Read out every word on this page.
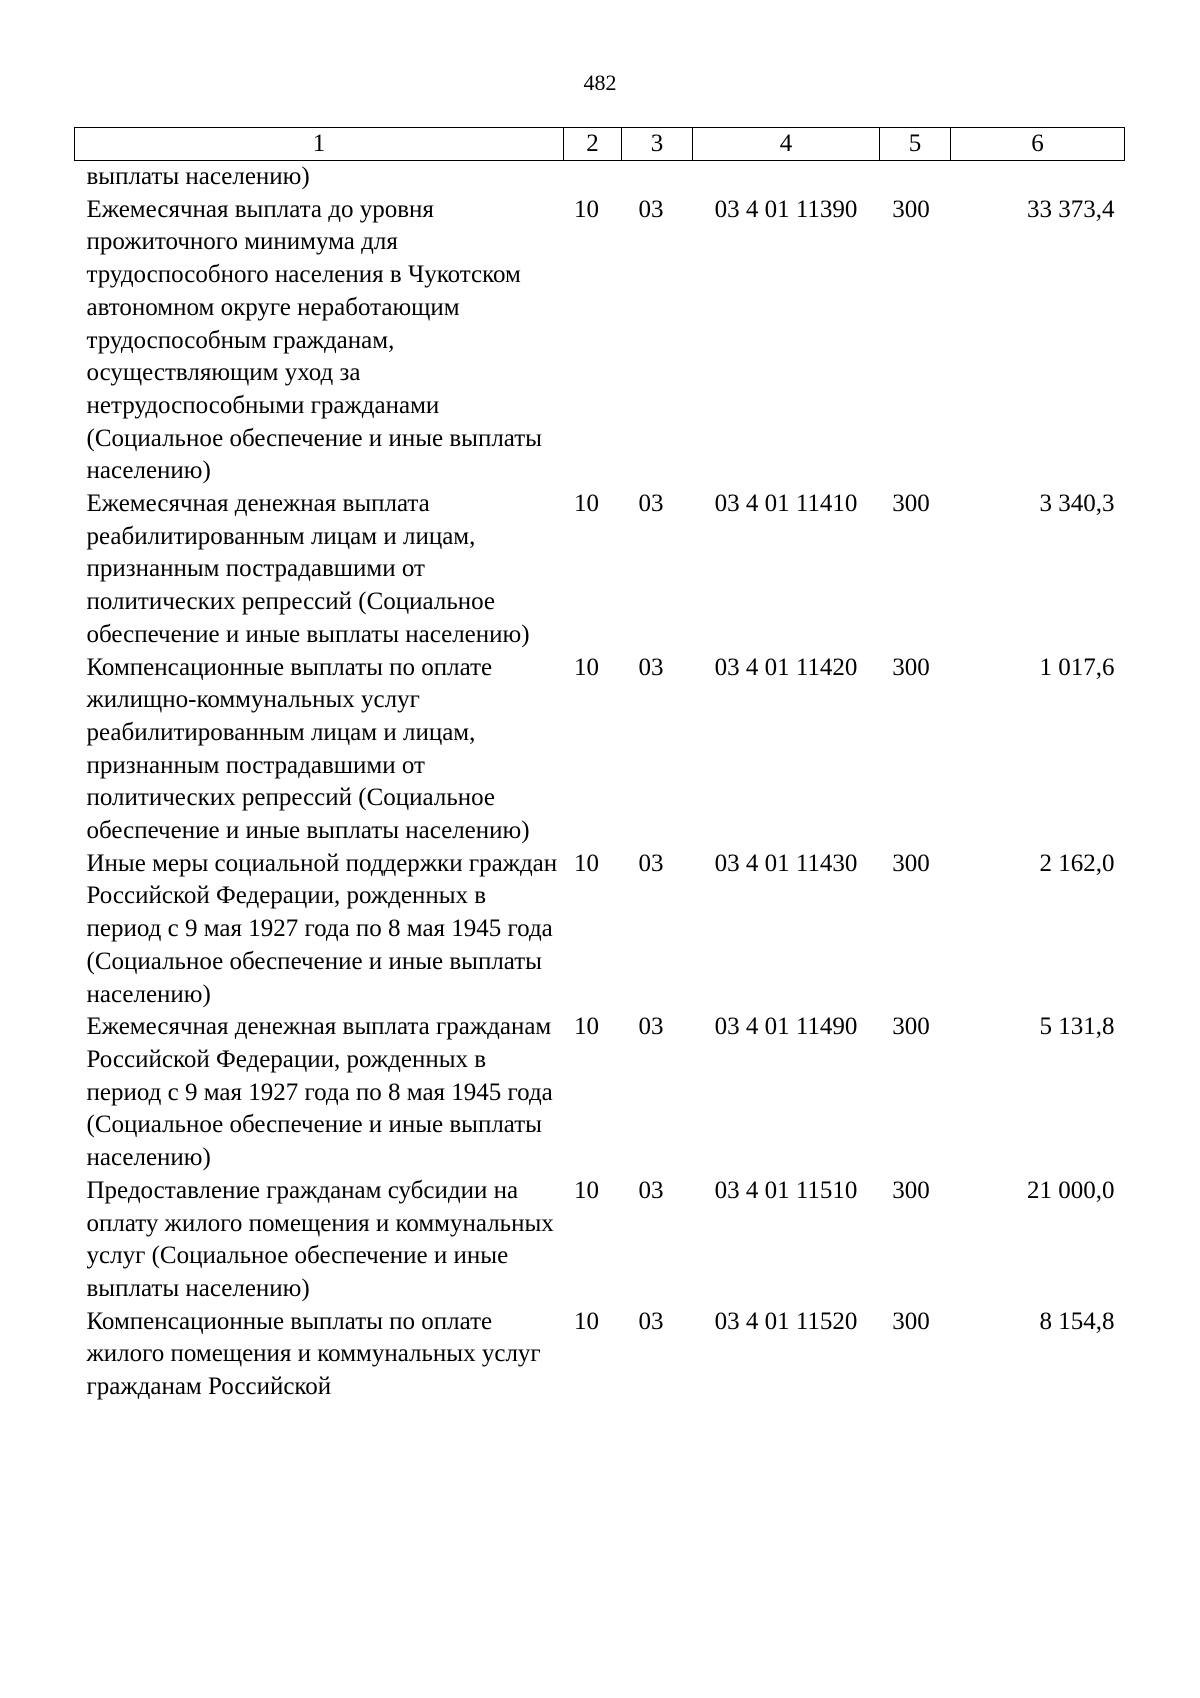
482
1	2	3	4	5	6
выплаты населению)					
Ежемесячная выплата до уровня прожиточного минимума для трудоспособного населения в Чукотском автономном округе неработающим трудоспособным гражданам, осуществляющим уход за нетрудоспособными гражданами (Социальное обеспечение и иные выплаты населению)	10	03	03 4 01 11390	300	33 373,4
Ежемесячная денежная выплата реабилитированным лицам и лицам, признанным пострадавшими от политических репрессий (Социальное обеспечение и иные выплаты населению)	10	03	03 4 01 11410	300	3 340,3
Компенсационные выплаты по оплате жилищно-коммунальных услуг реабилитированным лицам и лицам, признанным пострадавшими от политических репрессий (Социальное обеспечение и иные выплаты населению)	10	03	03 4 01 11420	300	1 017,6
Иные меры социальной поддержки граждан Российской Федерации, рожденных в период с 9 мая 1927 года по 8 мая 1945 года (Социальное обеспечение и иные выплаты населению)	10	03	03 4 01 11430	300	2 162,0
Ежемесячная денежная выплата гражданам Российской Федерации, рожденных в период с 9 мая 1927 года по 8 мая 1945 года (Социальное обеспечение и иные выплаты населению)	10	03	03 4 01 11490	300	5 131,8
Предоставление гражданам субсидии на оплату жилого помещения и коммунальных услуг (Социальное обеспечение и иные выплаты населению)	10	03	03 4 01 11510	300	21 000,0
Компенсационные выплаты по оплате жилого помещения и коммунальных услуг гражданам Российской	10	03	03 4 01 11520	300	8 154,8
